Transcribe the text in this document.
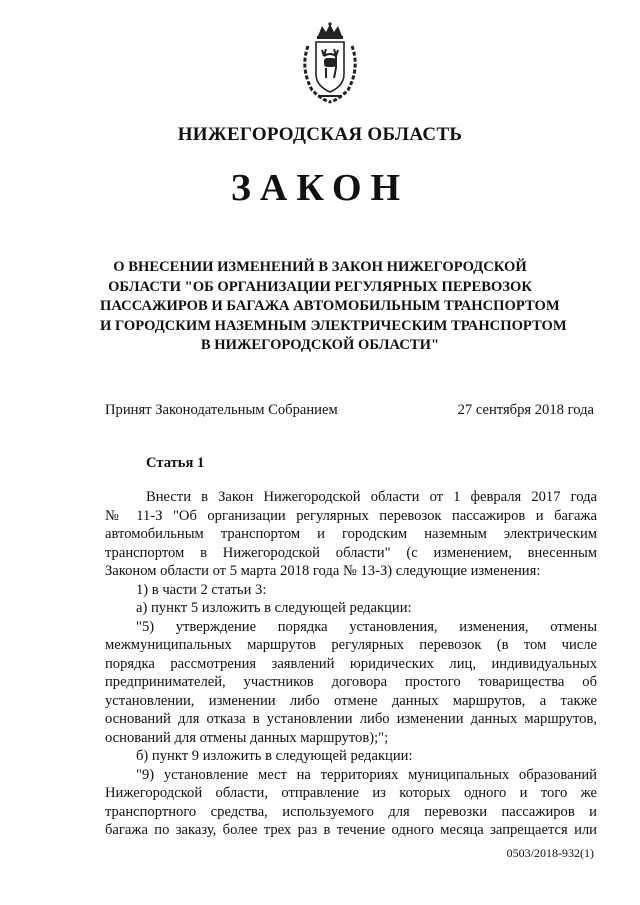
НИЖЕГОРОДСКАЯ ОБЛАСТЬ
ЗАКОН
О ВНЕСЕНИИ ИЗМЕНЕНИЙ В ЗАКОН НИЖЕГОРОДСКОЙ
ОБЛАСТИ "ОБ ОРГАНИЗАЦИИ РЕГУЛЯРНЫХ ПЕРЕВОЗОК
ПАССАЖИРОВ И БАГАЖА АВТОМОБИЛЬНЫМ ТРАНСПОРТОМ
И ГОРОДСКИМ НАЗЕМНЫМ ЭЛЕКТРИЧЕСКИМ ТРАНСПОРТОМ
В НИЖЕГОРОДСКОЙ ОБЛАСТИ"
Принят Законодательным Собранием	27 сентября 2018 года
Статья 1
Внести в Закон Нижегородской области от 1 февраля 2017 года
№ 11-З "Об организации регулярных перевозок пассажиров и багажа
автомобильным транспортом и городским наземным электрическим
транспортом в Нижегородской области" (с изменением, внесенным
Законом области от 5 марта 2018 года № 13-З) следующие изменения:
1) в части 2 статьи 3:
а) пункт 5 изложить в следующей редакции:
"5) утверждение порядка установления, изменения, отмены
межмуниципальных маршрутов регулярных перевозок (в том числе
порядка рассмотрения заявлений юридических лиц, индивидуальных
предпринимателей, участников договора простого товарищества об
установлении, изменении либо отмене данных маршрутов, а также
оснований для отказа в установлении либо изменении данных маршрутов,
оснований для отмены данных маршрутов);";
б) пункт 9 изложить в следующей редакции:
"9) установление мест на территориях муниципальных образований
Нижегородской области, отправление из которых одного и того же
транспортного средства, используемого для перевозки пассажиров и
багажа по заказу, более трех раз в течение одного месяца запрещается или
0503/2018-932(1)
